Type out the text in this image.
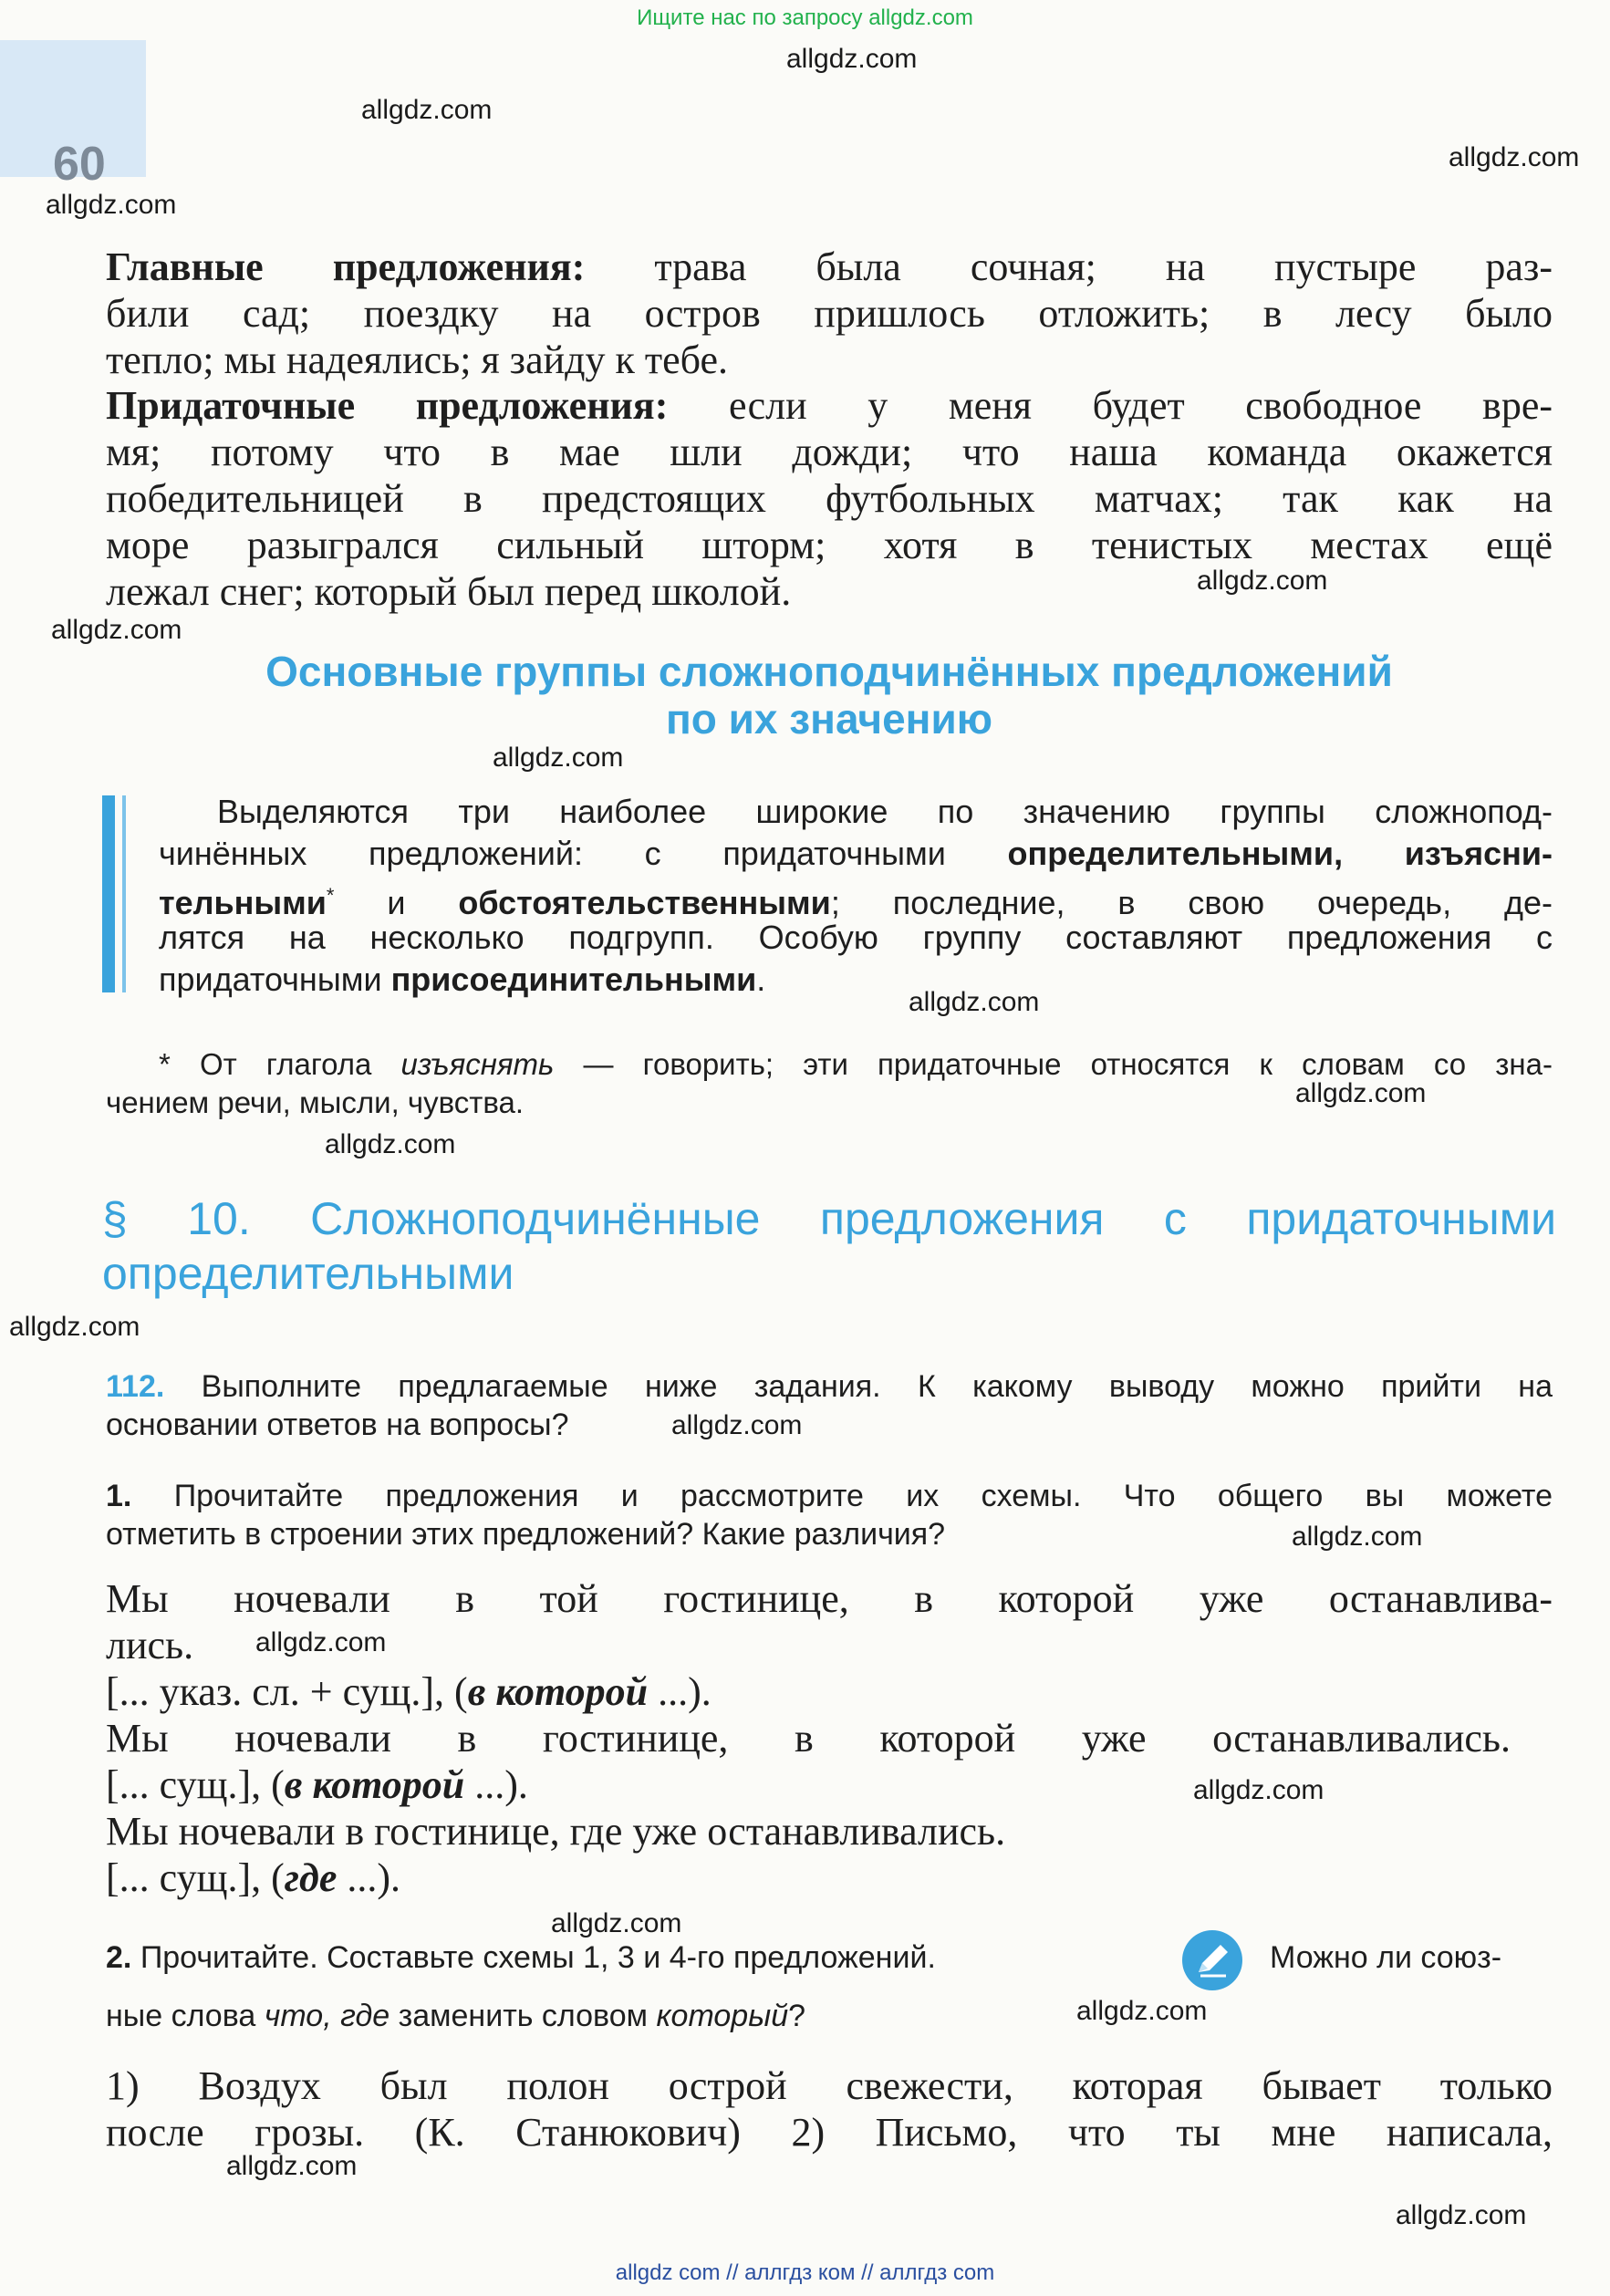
Ищите нас по запросу allgdz.com
60
Главные предложения: трава была сочная; на пустыре раз-
били сад; поездку на остров пришлось отложить; в лесу было
тепло; мы надеялись; я зайду к тебе.
Придаточные предложения: если у меня будет свободное вре-
мя; потому что в мае шли дожди; что наша команда окажется
победительницей в предстоящих футбольных матчах; так как на
море разыгрался сильный шторм; хотя в тенистых местах ещё
лежал снег; который был перед школой.
Основные группы сложноподчинённых предложений
по их значению
Выделяются три наиболее широкие по значению группы сложнопод-
чинённых предложений: с придаточными определительными, изъясни-
тельными* и обстоятельственными; последние, в свою очередь, де-
лятся на несколько подгрупп. Особую группу составляют предложения с
придаточными присоединительными.
* От глагола изъяснять — говорить; эти придаточные относятся к словам со зна-
чением речи, мысли, чувства.
§ 10. Сложноподчинённые предложения с придаточными
определительными
112. Выполните предлагаемые ниже задания. К какому выводу можно прийти на
основании ответов на вопросы?
1. Прочитайте предложения и рассмотрите их схемы. Что общего вы можете
отметить в строении этих предложений? Какие различия?
Мы ночевали в той гостинице, в которой уже останавлива-
лись.
[... указ. сл. + сущ.], (в которой ...).
Мы ночевали в гостинице, в которой уже останавливались.
[... сущ.], (в которой ...).
Мы ночевали в гостинице, где уже останавливались.
[... сущ.], (где ...).
2. Прочитайте. Составьте схемы 1, 3 и 4-го предложений.	Можно ли союз-
ные слова что, где заменить словом который?
1) Воздух был полон острой свежести, которая бывает только
после грозы. (К. Станюкович) 2) Письмо, что ты мне написала,
allgdz com // аллгдз ком // аллгдз com
allgdz.com
allgdz.com
allgdz.com
allgdz.com
allgdz.com
allgdz.com
allgdz.com
allgdz.com
allgdz.com
allgdz.com
allgdz.com
allgdz.com
allgdz.com
allgdz.com
allgdz.com
allgdz.com
allgdz.com
allgdz.com
allgdz.com
